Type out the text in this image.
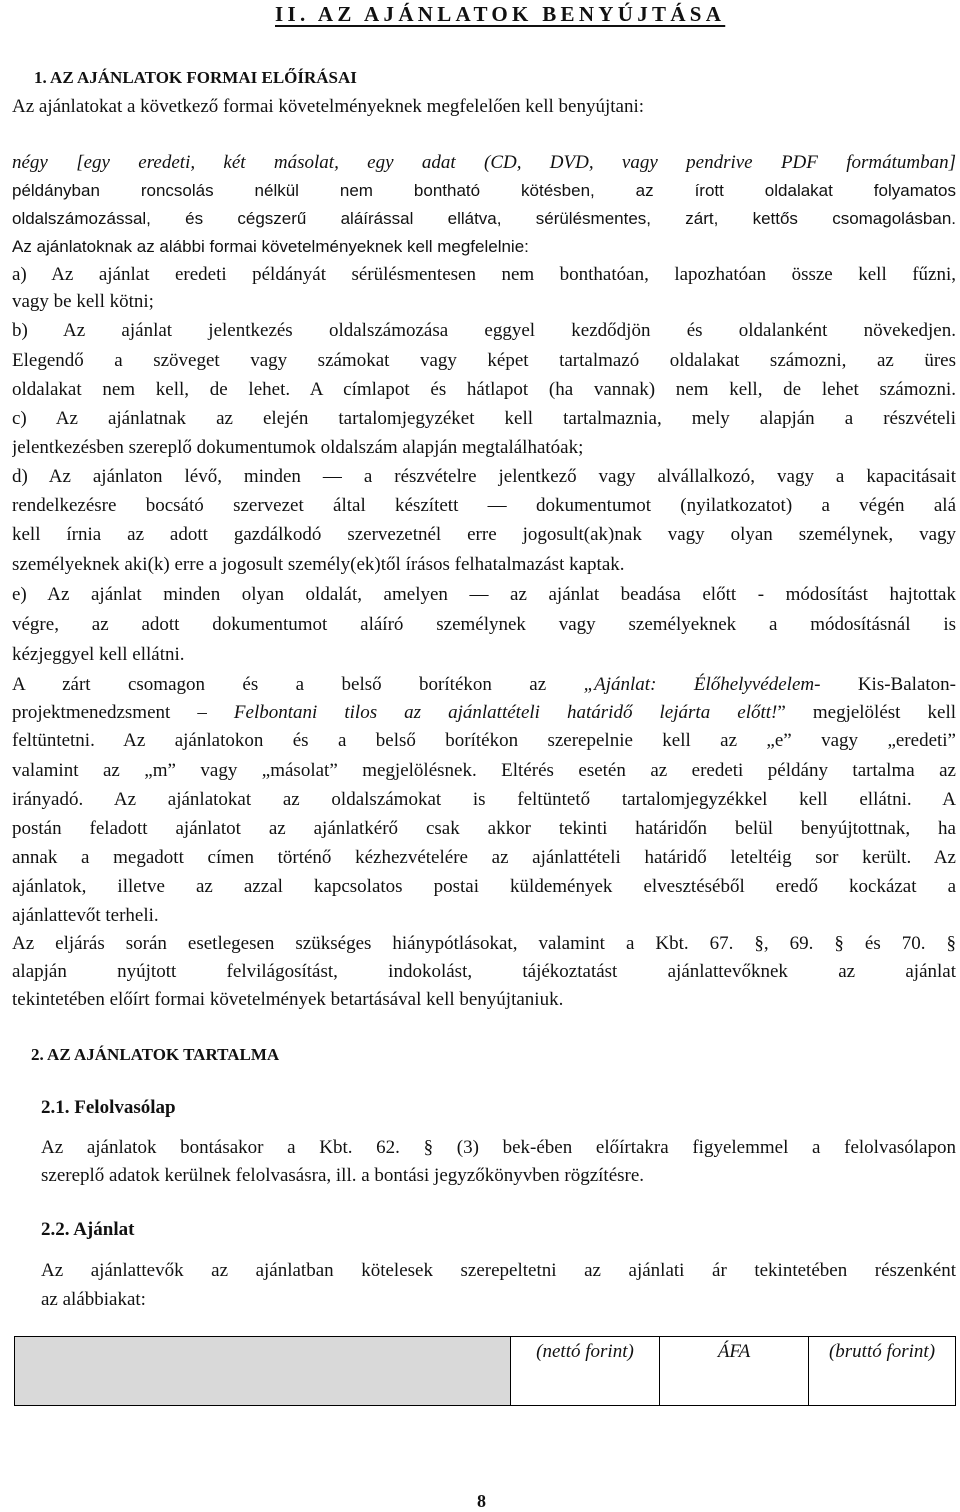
II. AZ AJÁNLATOK BENYÚJTÁSA
1. AZ AJÁNLATOK FORMAI ELŐÍRÁSAI
Az ajánlatokat a következő formai követelményeknek megfelelően kell benyújtani:
négy [egy eredeti, két másolat, egy adat (CD, DVD, vagy pendrive PDF formátumban]
példányban roncsolás nélkül nem bontható kötésben, az írott oldalakat folyamatos
oldalszámozással, és cégszerű aláírással ellátva, sérülésmentes, zárt, kettős csomagolásban.
Az ajánlatoknak az alábbi formai követelményeknek kell megfelelnie:
a) Az ajánlat eredeti példányát sérülésmentesen nem bonthatóan, lapozhatóan össze kell fűzni,
vagy be kell kötni;
b) Az ajánlat jelentkezés oldalszámozása eggyel kezdődjön és oldalanként növekedjen.
Elegendő a szöveget vagy számokat vagy képet tartalmazó oldalakat számozni, az üres
oldalakat nem kell, de lehet. A címlapot és hátlapot (ha vannak) nem kell, de lehet számozni.
c) Az ajánlatnak az elején tartalomjegyzéket kell tartalmaznia, mely alapján a részvételi
jelentkezésben szereplő dokumentumok oldalszám alapján megtalálhatóak;
d) Az ajánlaton lévő, minden — a részvételre jelentkező vagy alvállalkozó, vagy a kapacitásait
rendelkezésre bocsátó szervezet által készített — dokumentumot (nyilatkozatot) a végén alá
kell írnia az adott gazdálkodó szervezetnél erre jogosult(ak)nak vagy olyan személynek, vagy
személyeknek aki(k) erre a jogosult személy(ek)től írásos felhatalmazást kaptak.
e) Az ajánlat minden olyan oldalát, amelyen — az ajánlat beadása előtt - módosítást hajtottak
végre, az adott dokumentumot aláíró személynek vagy személyeknek a módosításnál is
kézjeggyel kell ellátni.
A zárt csomagon és a belső borítékon az „Ajánlat: Élőhelyvédelem- Kis-Balaton-
projektmenedzsment – Felbontani tilos az ajánlattételi határidő lejárta előtt!” megjelölést kell
feltüntetni. Az ajánlatokon és a belső borítékon szerepelnie kell az „e” vagy „eredeti”
valamint az „m” vagy „másolat” megjelölésnek. Eltérés esetén az eredeti példány tartalma az
irányadó. Az ajánlatokat az oldalszámokat is feltüntető tartalomjegyzékkel kell ellátni. A
postán feladott ajánlatot az ajánlatkérő csak akkor tekinti határidőn belül benyújtottnak, ha
annak a megadott címen történő kézhezvételére az ajánlattételi határidő leteltéig sor került. Az
ajánlatok, illetve az azzal kapcsolatos postai küldemények elvesztéséből eredő kockázat a
ajánlattevőt terheli.
Az eljárás során esetlegesen szükséges hiánypótlásokat, valamint a Kbt. 67. §, 69. § és 70. §
alapján nyújtott felvilágosítást, indokolást, tájékoztatást ajánlattevőknek az ajánlat
tekintetében előírt formai követelmények betartásával kell benyújtaniuk.
2. AZ AJÁNLATOK TARTALMA
2.1. Felolvasólap
Az ajánlatok bontásakor a Kbt. 62. § (3) bek-ében előírtakra figyelemmel a felolvasólapon
szereplő adatok kerülnek felolvasásra, ill. a bontási jegyzőkönyvben rögzítésre.
2.2. Ajánlat
Az ajánlattevők az ajánlatban kötelesek szerepeltetni az ajánlati ár tekintetében részenként
az alábbiakat:
	(nettó forint)	ÁFA	(bruttó forint)
8
